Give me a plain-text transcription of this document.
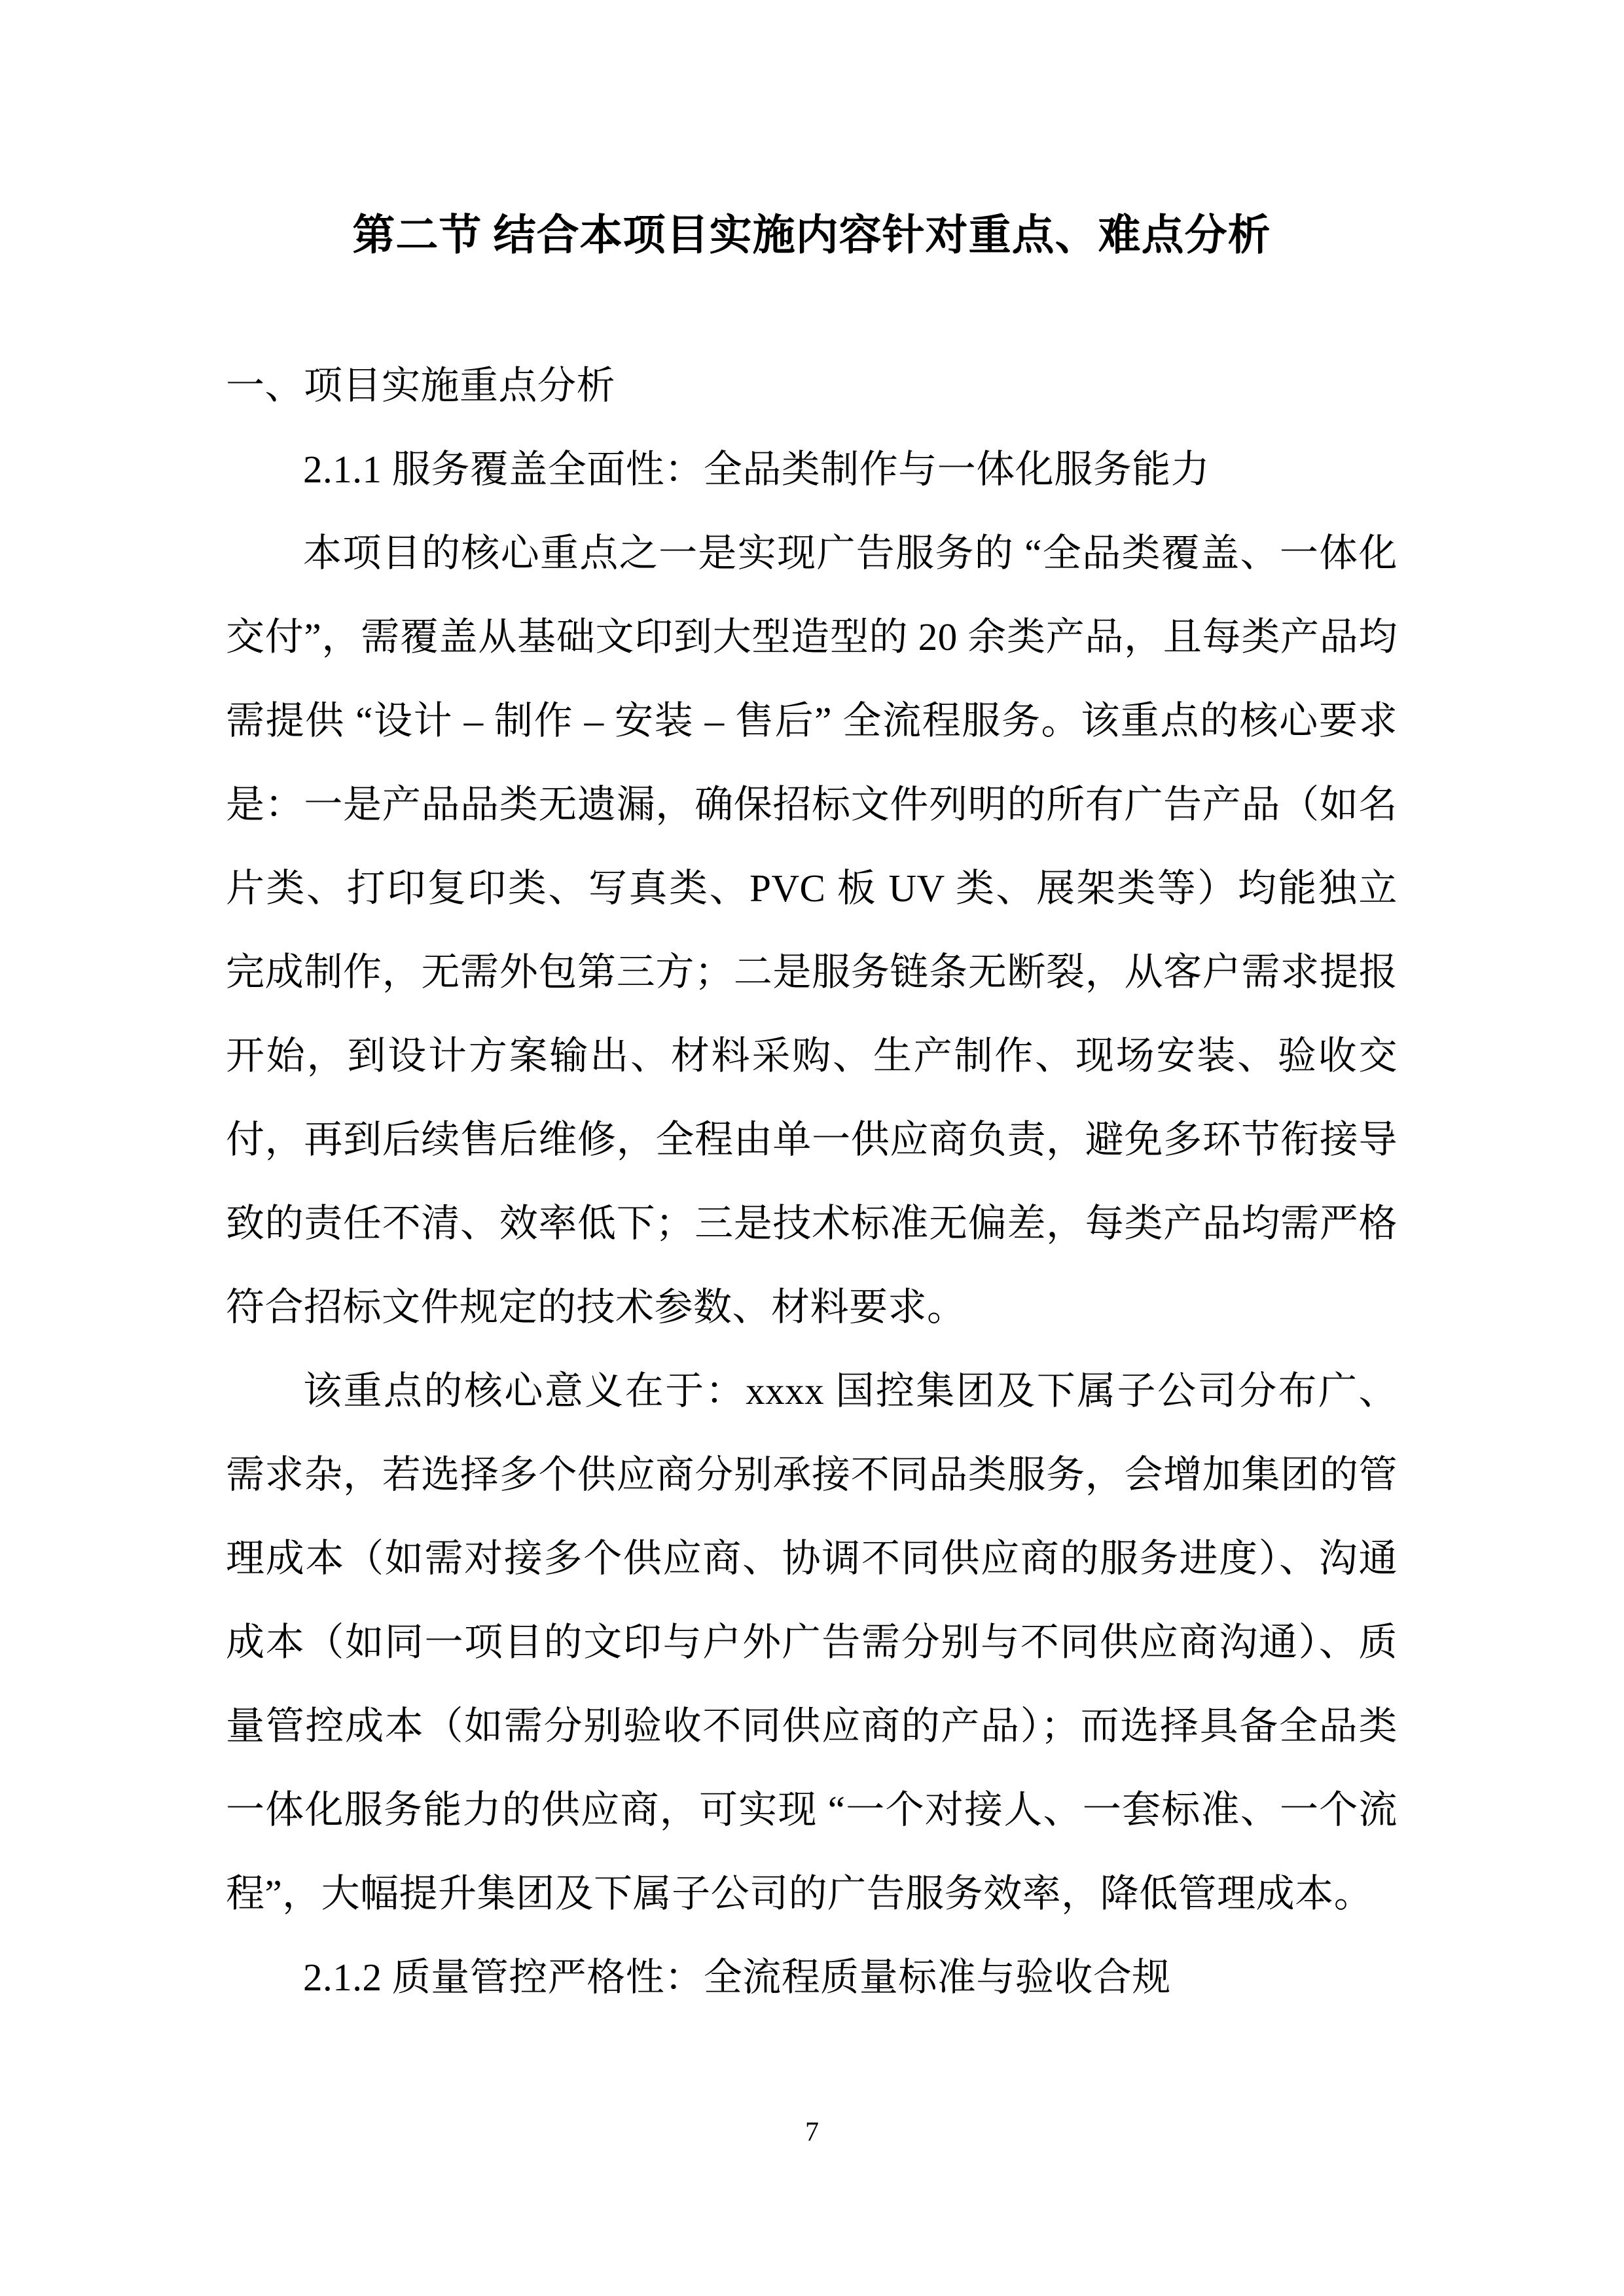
第二节 结合本项目实施内容针对重点、难点分析
一、项目实施重点分析
2.1.1 服务覆盖全面性：全品类制作与一体化服务能力

本项目的核心重点之一是实现广告服务的 “全品类覆盖、一体化交付”，需覆盖从基础文印到大型造型的 20 余类产品，且每类产品均需提供 “设计 – 制作 – 安装 – 售后” 全流程服务。该重点的核心要求是：一是产品品类无遗漏，确保招标文件列明的所有广告产品（如名片类、打印复印类、写真类、PVC 板 UV 类、展架类等）均能独立完成制作，无需外包第三方；二是服务链条无断裂，从客户需求提报开始，到设计方案输出、材料采购、生产制作、现场安装、验收交付，再到后续售后维修，全程由单一供应商负责，避免多环节衔接导致的责任不清、效率低下；三是技术标准无偏差，每类产品均需严格符合招标文件规定的技术参数、材料要求。

该重点的核心意义在于：xxxx 国控集团及下属子公司分布广、需求杂，若选择多个供应商分别承接不同品类服务，会增加集团的管理成本（如需对接多个供应商、协调不同供应商的服务进度）、沟通成本（如同一项目的文印与户外广告需分别与不同供应商沟通）、质量管控成本（如需分别验收不同供应商的产品）；而选择具备全品类一体化服务能力的供应商，可实现 “一个对接人、一套标准、一个流程”，大幅提升集团及下属子公司的广告服务效率，降低管理成本。

2.1.2 质量管控严格性：全流程质量标准与验收合规
7
